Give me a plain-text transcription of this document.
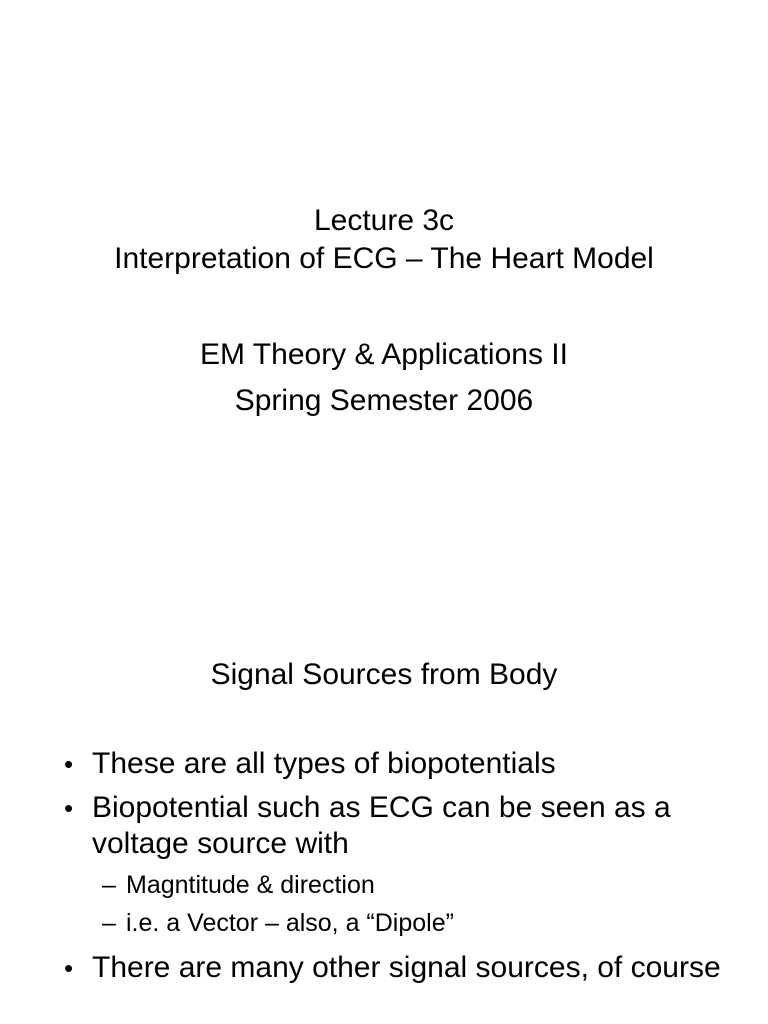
Lecture 3c
Interpretation of ECG – The Heart Model
EM Theory & Applications II
Spring Semester 2006
Signal Sources from Body
• These are all types of biopotentials
• Biopotential such as ECG can be seen as a voltage source with
– Magntitude & direction
– i.e. a Vector – also, a “Dipole”
• There are many other signal sources, of course
